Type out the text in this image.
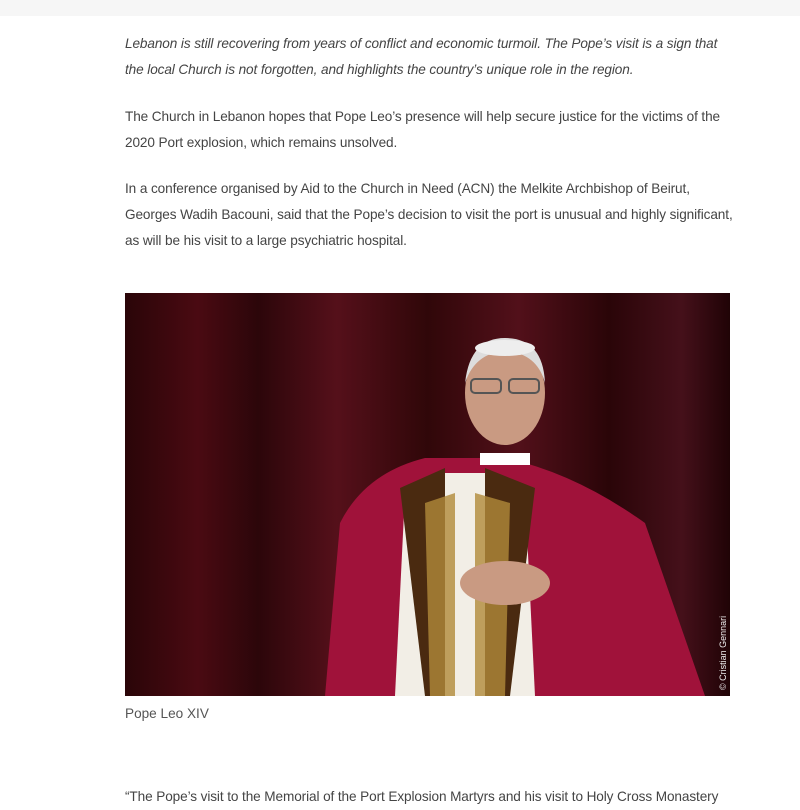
Lebanon is still recovering from years of conflict and economic turmoil. The Pope’s visit is a sign that the local Church is not forgotten, and highlights the country’s unique role in the region.

The Church in Lebanon hopes that Pope Leo’s presence will help secure justice for the victims of the 2020 Port explosion, which remains unsolved.

In a conference organised by Aid to the Church in Need (ACN) the Melkite Archbishop of Beirut, Georges Wadih Bacouni, said that the Pope’s decision to visit the port is unusual and highly significant, as will be his visit to a large psychiatric hospital.

© Cristian Gennari
Pope Leo XIV

“The Pope’s visit to the Memorial of the Port Explosion Martyrs and his visit to Holy Cross Monastery
